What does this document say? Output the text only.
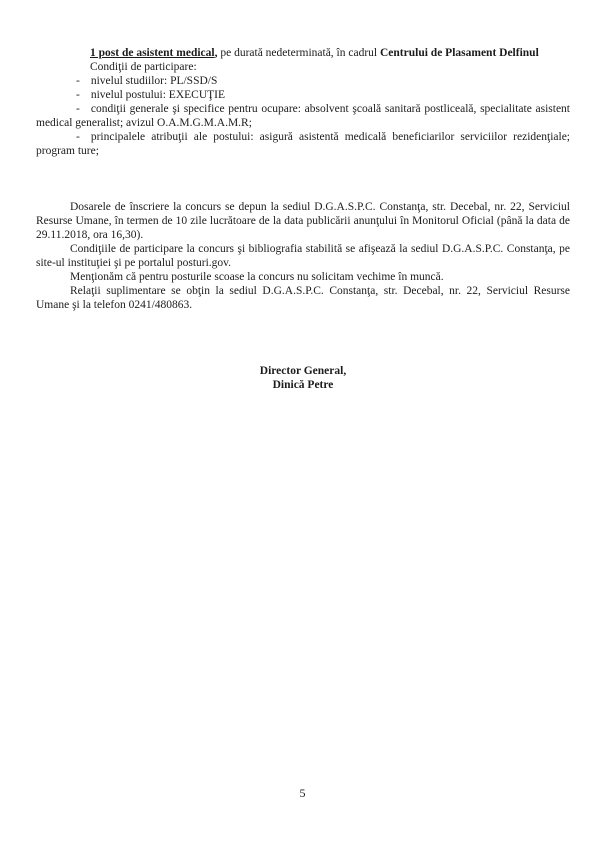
1 post de asistent medical, pe durată nedeterminată, în cadrul Centrului de Plasament Delfinul
Condiţii de participare:

- nivelul studiilor: PL/SSD/S

- nivelul postului: EXECUŢIE

- condiţii generale şi specifice pentru ocupare: absolvent şcoală sanitară postliceală, specialitate asistent medical generalist; avizul O.A.M.G.M.A.M.R;

- principalele atribuţii ale postului: asigură asistentă medicală beneficiarilor serviciilor rezidenţiale; program ture;

Dosarele de înscriere la concurs se depun la sediul D.G.A.S.P.C. Constanţa, str. Decebal, nr. 22, Serviciul Resurse Umane, în termen de 10 zile lucrătoare de la data publicării anunţului în Monitorul Oficial (până la data de 29.11.2018, ora 16,30).

Condiţiile de participare la concurs şi bibliografia stabilită se afişează la sediul D.G.A.S.P.C. Constanţa, pe site-ul instituţiei şi pe portalul posturi.gov.

Menţionăm că pentru posturile scoase la concurs nu solicitam vechime în muncă.

Relaţii suplimentare se obţin la sediul D.G.A.S.P.C. Constanţa, str. Decebal, nr. 22, Serviciul Resurse Umane şi la telefon 0241/480863.

Director General,
Dinică Petre
5
